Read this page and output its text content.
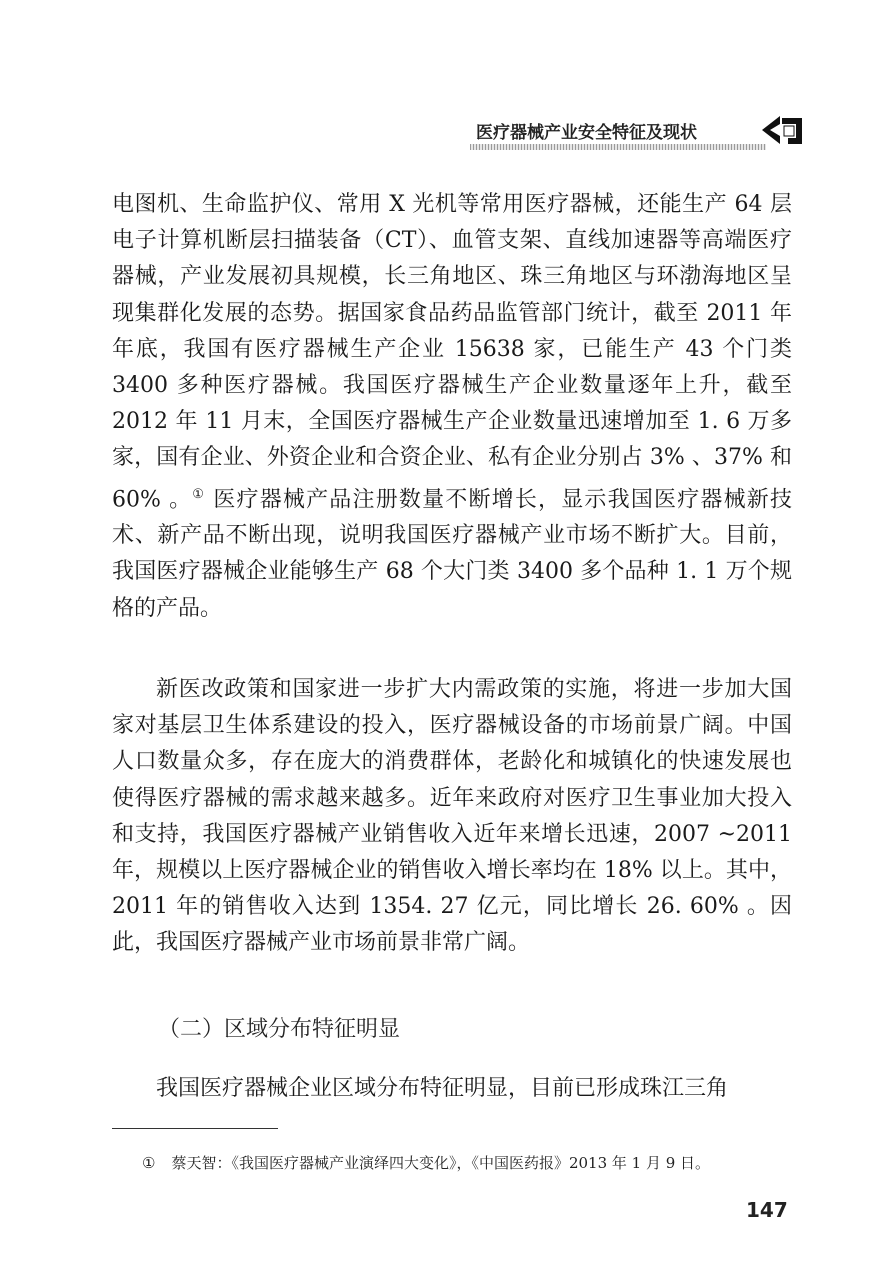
医疗器械产业安全特征及现状

电图机、生命监护仪、常用 X 光机等常用医疗器械，还能生产 64 层电子计算机断层扫描装备（CT）、血管支架、直线加速器等高端医疗器械，产业发展初具规模，长三角地区、珠三角地区与环渤海地区呈现集群化发展的态势。据国家食品药品监管部门统计，截至 2011 年年底，我国有医疗器械生产企业 15638 家，已能生产 43 个门类 3400 多种医疗器械。我国医疗器械生产企业数量逐年上升，截至 2012 年 11 月末，全国医疗器械生产企业数量迅速增加至 1. 6 万多家，国有企业、外资企业和合资企业、私有企业分别占 3% 、37% 和 60% 。① 医疗器械产品注册数量不断增长，显示我国医疗器械新技术、新产品不断出现，说明我国医疗器械产业市场不断扩大。目前，我国医疗器械企业能够生产 68 个大门类 3400 多个品种 1. 1 万个规格的产品。

新医改政策和国家进一步扩大内需政策的实施，将进一步加大国家对基层卫生体系建设的投入，医疗器械设备的市场前景广阔。中国人口数量众多，存在庞大的消费群体，老龄化和城镇化的快速发展也使得医疗器械的需求越来越多。近年来政府对医疗卫生事业加大投入和支持，我国医疗器械产业销售收入近年来增长迅速，2007 ~2011 年，规模以上医疗器械企业的销售收入增长率均在 18% 以上。其中，2011 年的销售收入达到 1354. 27 亿元，同比增长 26. 60% 。因此，我国医疗器械产业市场前景非常广阔。

（二）区域分布特征明显

我国医疗器械企业区域分布特征明显，目前已形成珠江三角

① 蔡天智：《我国医疗器械产业演绎四大变化》，《中国医药报》2013 年 1 月 9 日。
147
